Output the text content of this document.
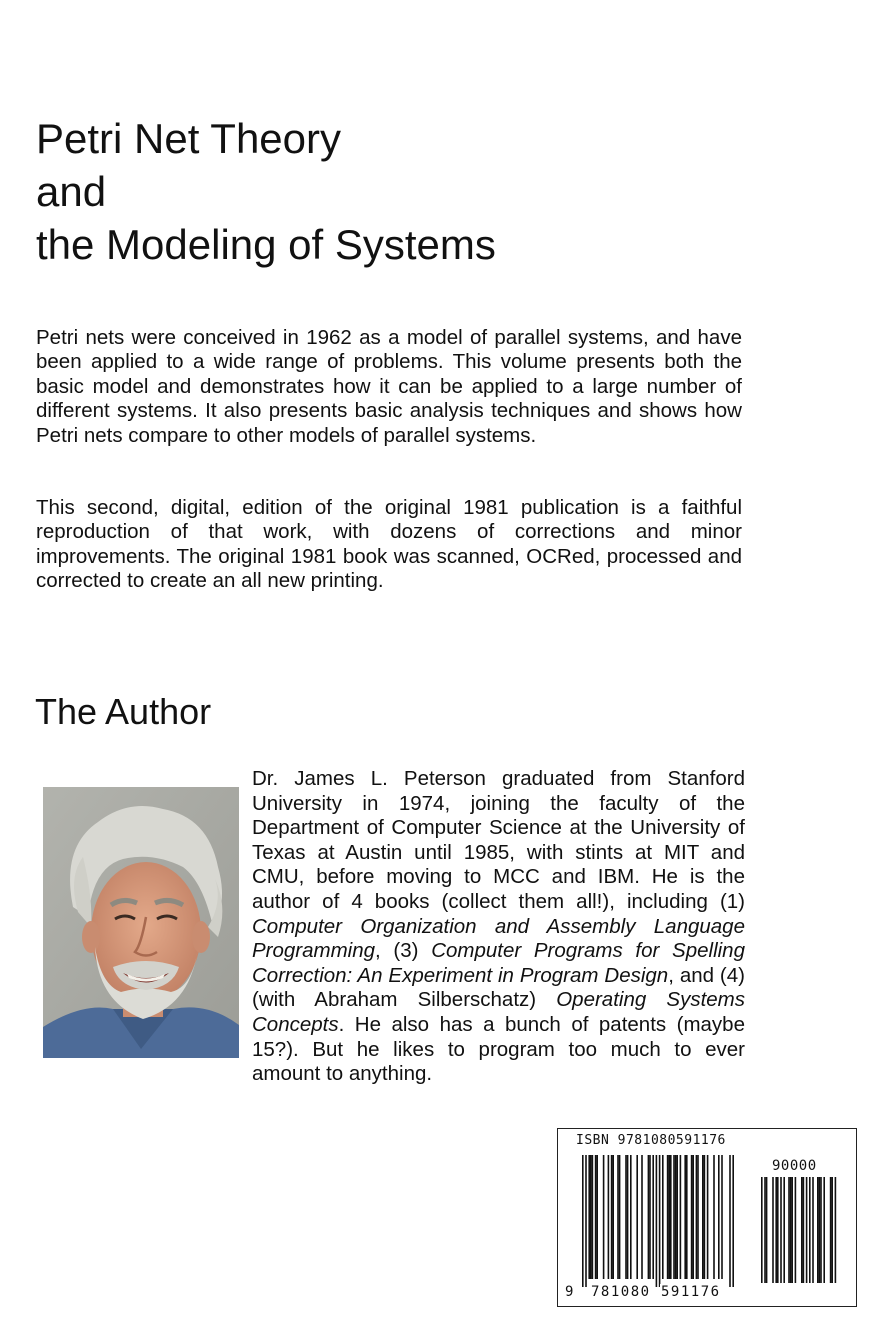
Petri Net Theory
and
the Modeling of Systems

Petri nets were conceived in 1962 as a model of parallel systems, and have been applied to a wide range of problems. This volume presents both the basic model and demonstrates how it can be applied to a large number of different systems. It also presents basic analysis techniques and shows how Petri nets compare to other models of parallel systems.

This second, digital, edition of the original 1981 publication is a faithful reproduction of that work, with dozens of corrections and minor improvements. The original 1981 book was scanned, OCRed, processed and corrected to create an all new printing.

The Author

Dr. James L. Peterson graduated from Stanford University in 1974, joining the faculty of the Department of Computer Science at the University of Texas at Austin until 1985, with stints at MIT and CMU, before moving to MCC and IBM. He is the author of 4 books (collect them all!), including (1) Computer Organization and Assembly Language Programming, (3) Computer Programs for Spelling Correction: An Experiment in Program Design, and (4) (with Abraham Silberschatz) Operating Systems Concepts. He also has a bunch of patents (maybe 15?). But he likes to program too much to ever amount to anything.

ISBN 9781080591176
90000
9 781080 591176
